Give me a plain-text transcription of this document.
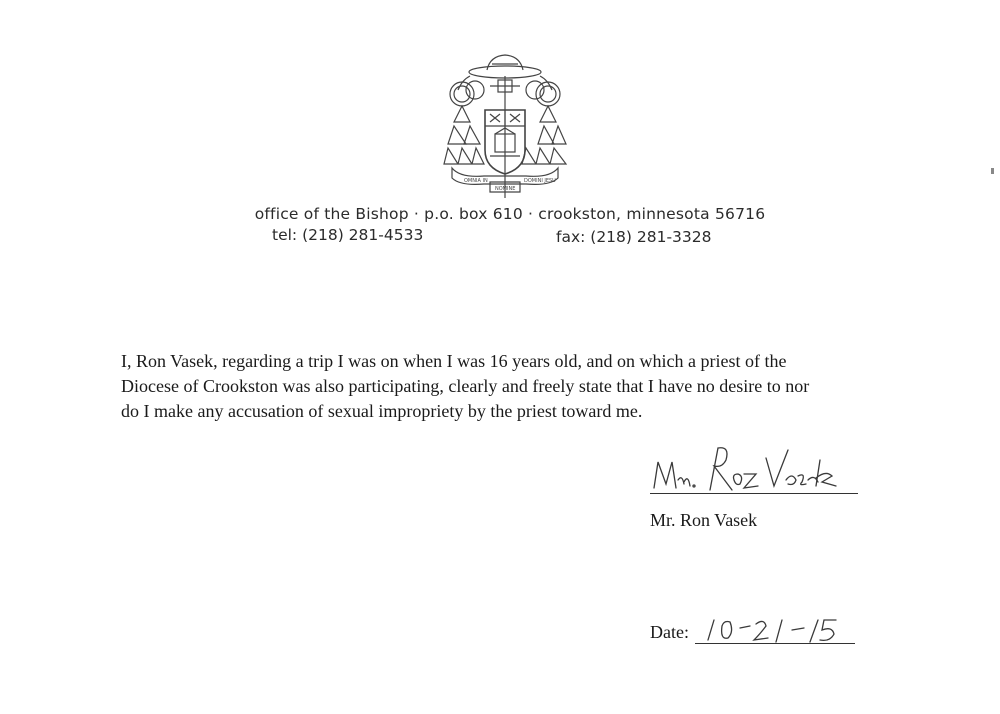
OMNIA IN	DOMINI JESU
NOMINE
office of the Bishop · p.o. box 610 · crookston, minnesota 56716
tel: (218) 281-4533	fax: (218) 281-3328
I, Ron Vasek, regarding a trip I was on when I was 16 years old, and on which a priest of the
Diocese of Crookston was also participating, clearly and freely state that I have no desire to nor
do I make any accusation of sexual impropriety by the priest toward me.
Mr. Ron Vasek
Date:
